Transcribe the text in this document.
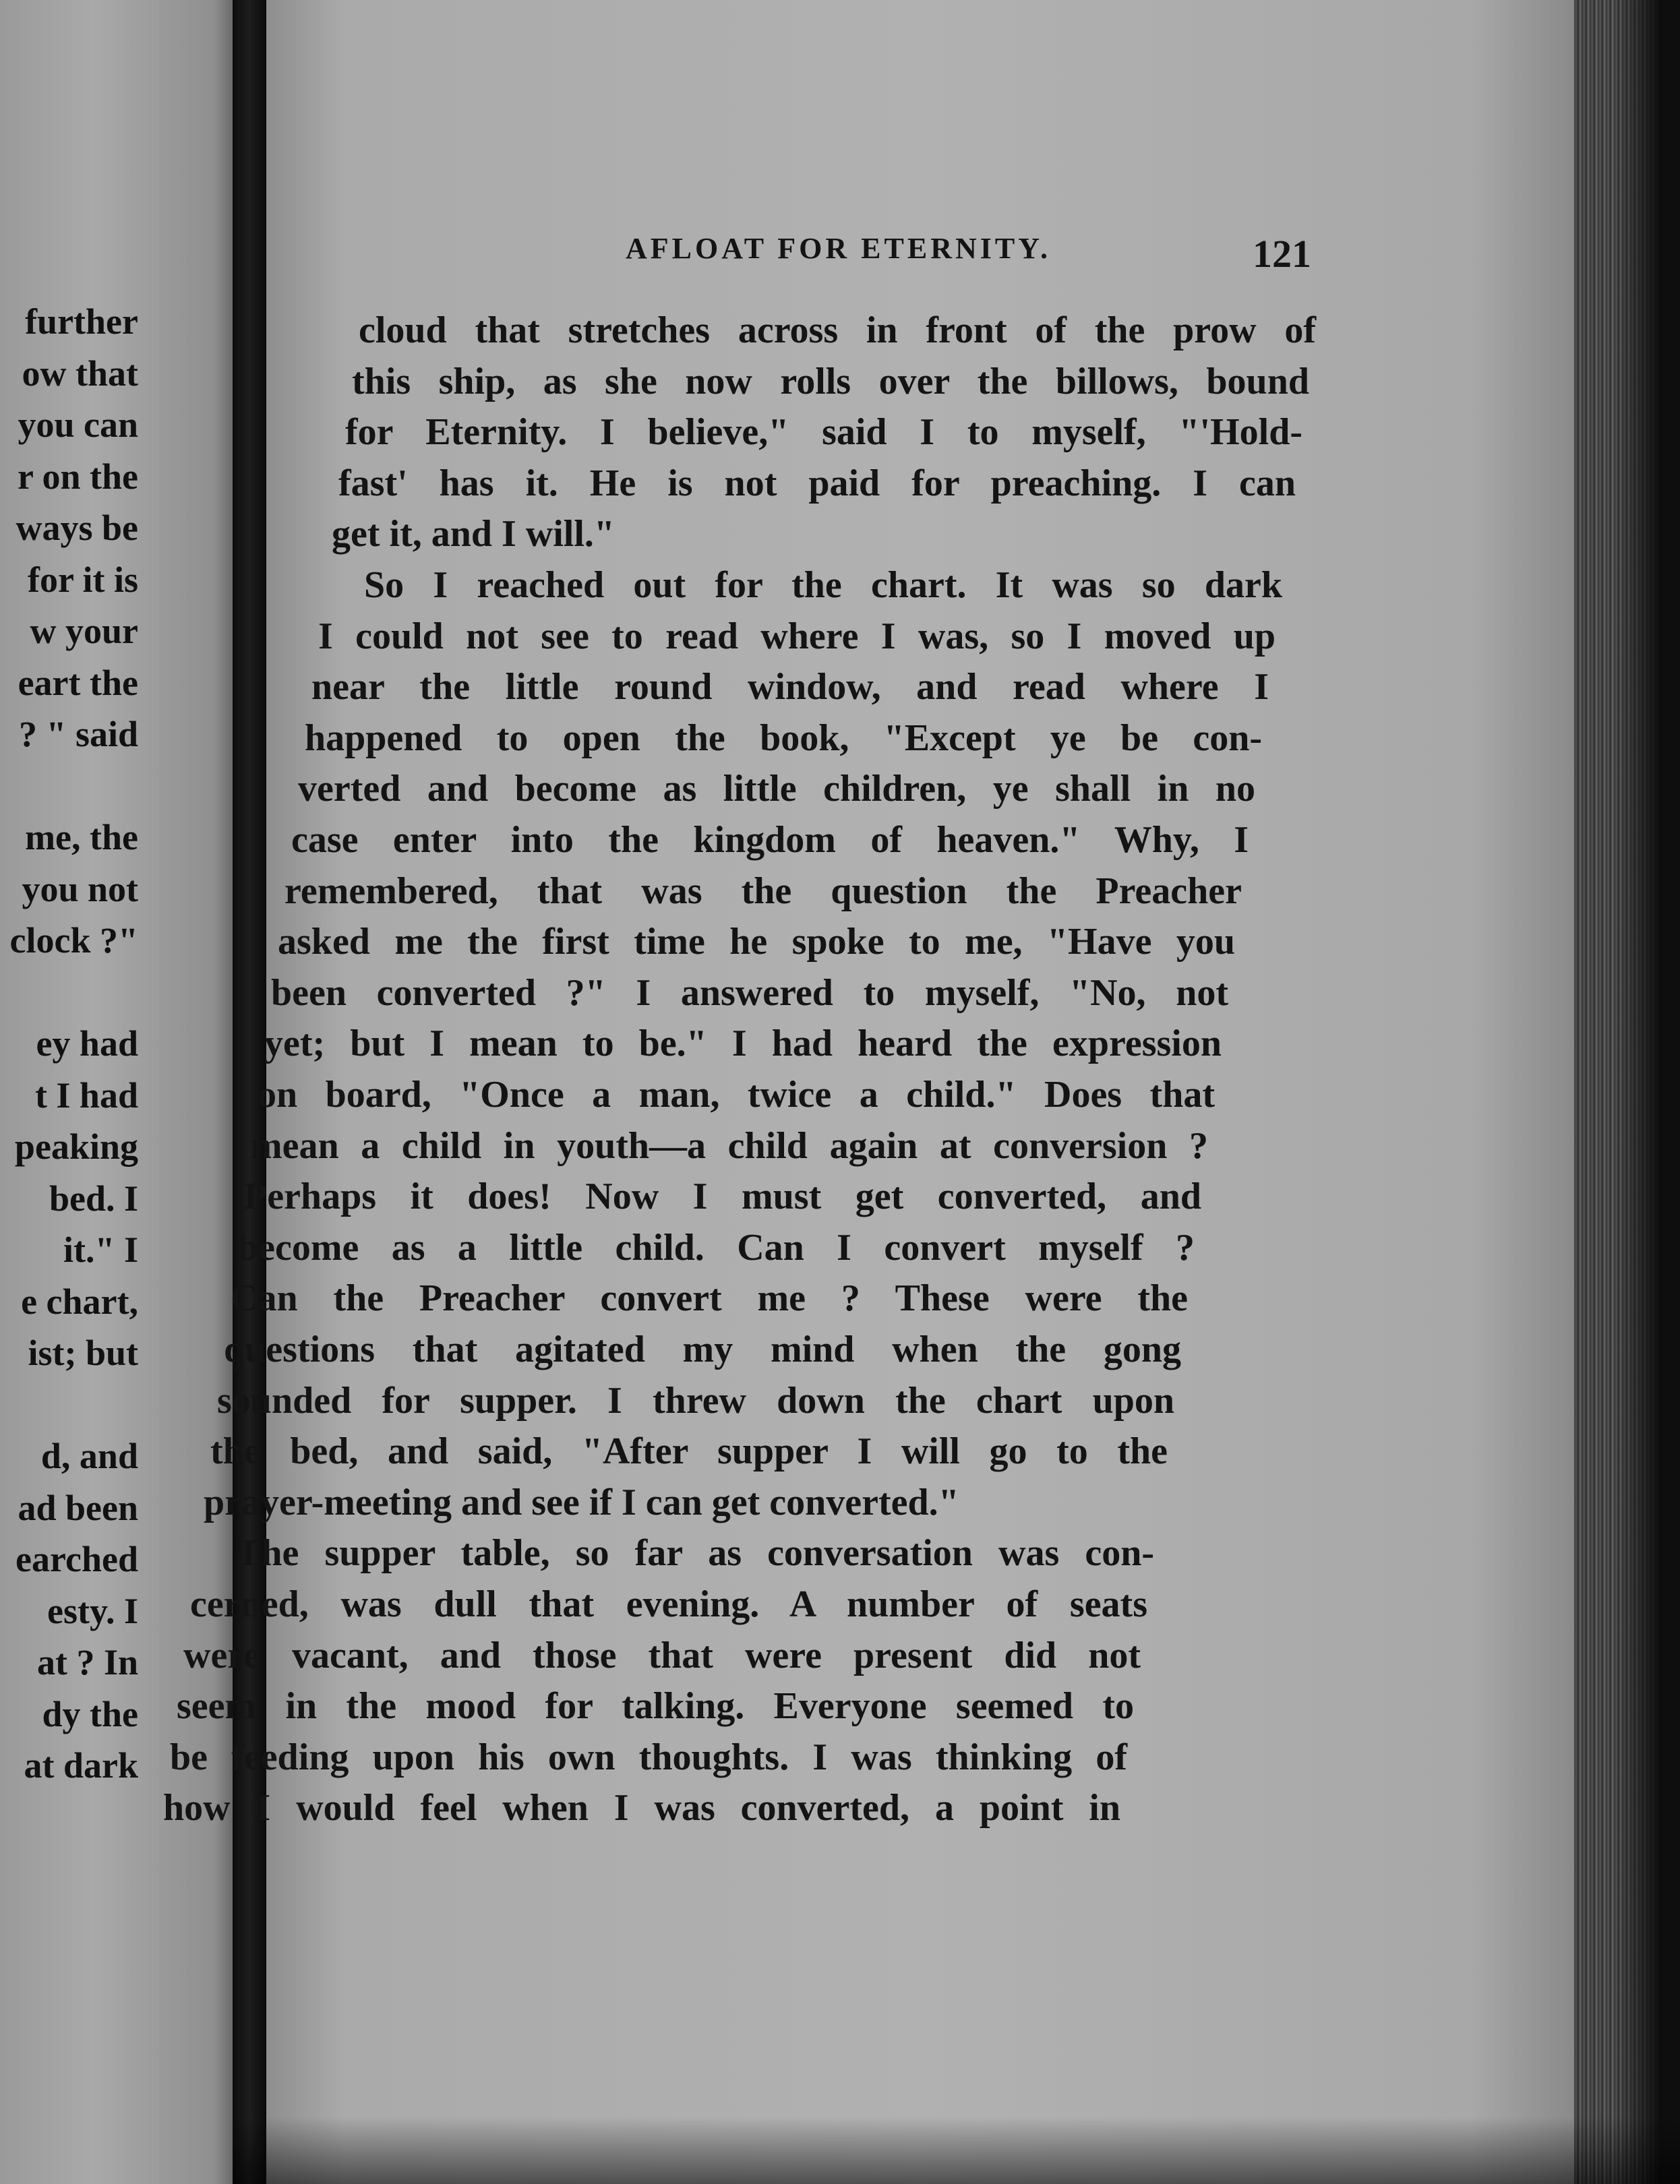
further
ow that
you can
r on the
ways be
for it is
w your
eart the
? " said
me, the
you not
clock ?"
ey had
t I had
peaking
bed. I
it." I
e chart,
ist; but
d, and
ad been
earched
esty. I
at ? In
dy the
at dark
AFLOAT FOR ETERNITY.	121
cloud that stretches across in front of the prow of
this ship, as she now rolls over the billows, bound
for Eternity. I believe," said I to myself, "'Hold-
fast' has it. He is not paid for preaching. I can
get it, and I will."
So I reached out for the chart. It was so dark
I could not see to read where I was, so I moved up
near the little round window, and read where I
happened to open the book, "Except ye be con-
verted and become as little children, ye shall in no
case enter into the kingdom of heaven." Why, I
remembered, that was the question the Preacher
asked me the first time he spoke to me, "Have you
been converted ?" I answered to myself, "No, not
yet; but I mean to be." I had heard the expression
on board, "Once a man, twice a child." Does that
mean a child in youth—a child again at conversion ?
Perhaps it does! Now I must get converted, and
become as a little child. Can I convert myself ?
Can the Preacher convert me ? These were the
questions that agitated my mind when the gong
sounded for supper. I threw down the chart upon
the bed, and said, "After supper I will go to the
prayer-meeting and see if I can get converted."
The supper table, so far as conversation was con-
cerned, was dull that evening. A number of seats
were vacant, and those that were present did not
seem in the mood for talking. Everyone seemed to
be feeding upon his own thoughts. I was thinking of
how I would feel when I was converted, a point in
